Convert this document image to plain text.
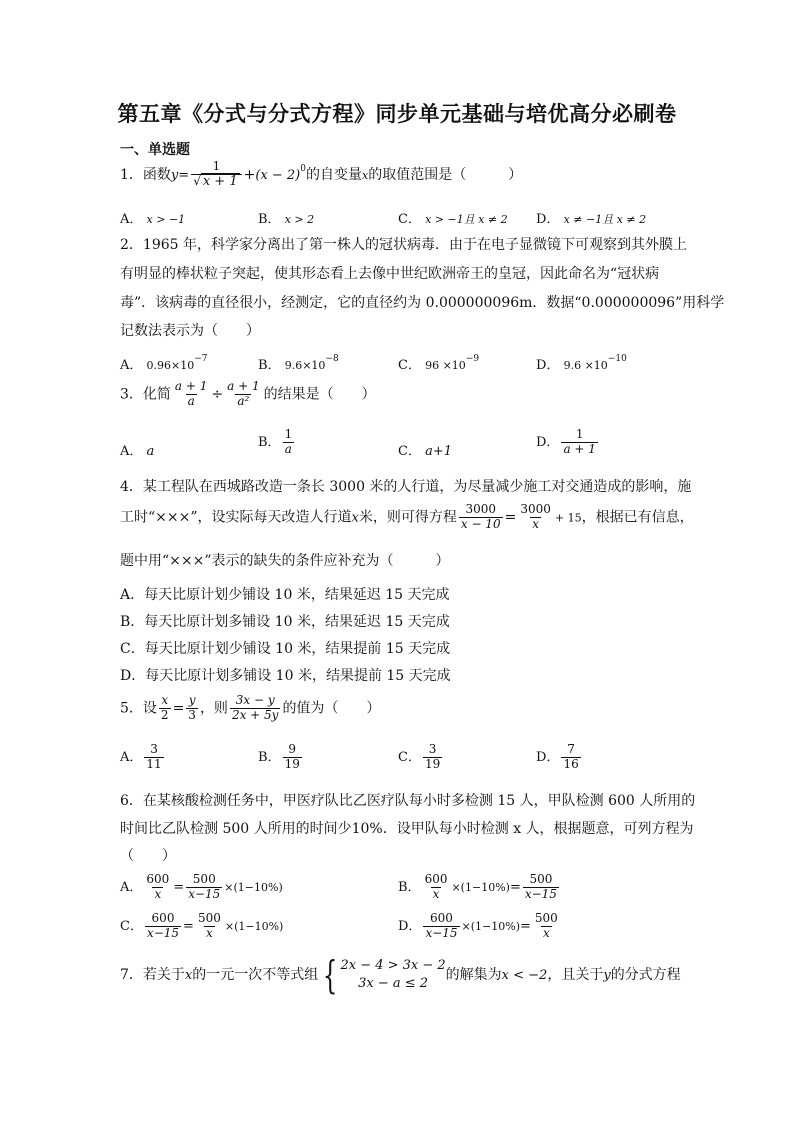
第五章《分式与分式方程》同步单元基础与培优高分必刷卷
一、单选题
1．函数$y= \frac{1}{√ x + 1} +(x - 2)^0$的自变量x的取值范围是（　　　）
A． x > −1	B． x > 2	C． x > −1且 x ≠ 2 D． x ≠ −1且 x ≠ 2
2．1965 年，科学家分离出了第一株人的冠状病毒．由于在电子显微镜下可观察到其外膜上
有明显的棒状粒子突起，使其形态看上去像中世纪欧洲帝王的皇冠，因此命名为“冠状病
毒”．该病毒的直径很小，经测定，它的直径约为 0.000000096m．数据“0.000000096”用科学
记数法表示为（　　）
A． $0.96\times 10^{-7}$	B． $9.6\times 10^{-8}$	C． $96 \times 10^{-9}$	D． $9.6 \times 10^{-10}$
3．化简 $\frac{a + 1}{a} \div \frac{a + 1}{\text{a²}}$ 的结果是（　　）
A． a
B． $\frac{1}{a}$	C． a+1
D． $\frac{1}{a + 1}$
4．某工程队在西城路改造一条长 3000 米的人行道，为尽量减少施工对交通造成的影响，施
工时“×××”，设实际每天改造人行道x米，则可得方程 $\frac{3000}{x - 10} = \frac{3000}{x} + 15$，根据已有信息，
题中用“×××”表示的缺失的条件应补充为（　　　）
A．每天比原计划少铺设 10 米，结果延迟 15 天完成
B．每天比原计划多铺设 10 米，结果延迟 15 天完成
C．每天比原计划少铺设 10 米，结果提前 15 天完成
D．每天比原计划多铺设 10 米，结果提前 15 天完成
5．设 $\frac{x}{2} = \frac{y}{3}$ ，则 $\frac{3x - y}{2x + 5y}$ 的值为（　　）
A． $\frac{3}{11}$	B． $\frac{9}{19}$	C． $\frac{3}{19}$	D． $\frac{7}{16}$
6．在某核酸检测任务中，甲医疗队比乙医疗队每小时多检测 15 人，甲队检测 600 人所用的
时间比乙队检测 500 人所用的时间少10%．设甲队每小时检测 x 人，根据题意，可列方程为
（　　）
A． $\frac{600}{x} = \frac{500}{x-15} \times(1-10\%)$	B． $\frac{600}{x} \times(1-10\%)= \frac{500}{x-15}$
C． $\frac{600}{x-15} = \frac{500}{x} \times(1-10\%)$	D． $\frac{600}{x-15} \times(1-10\%)= \frac{500}{x}$
7．若关于x的一元一次不等式组 { 2x − 4 > 3x − 2
3x − a ≤ 2
的解集为x < −2，且关于y的分式方程
